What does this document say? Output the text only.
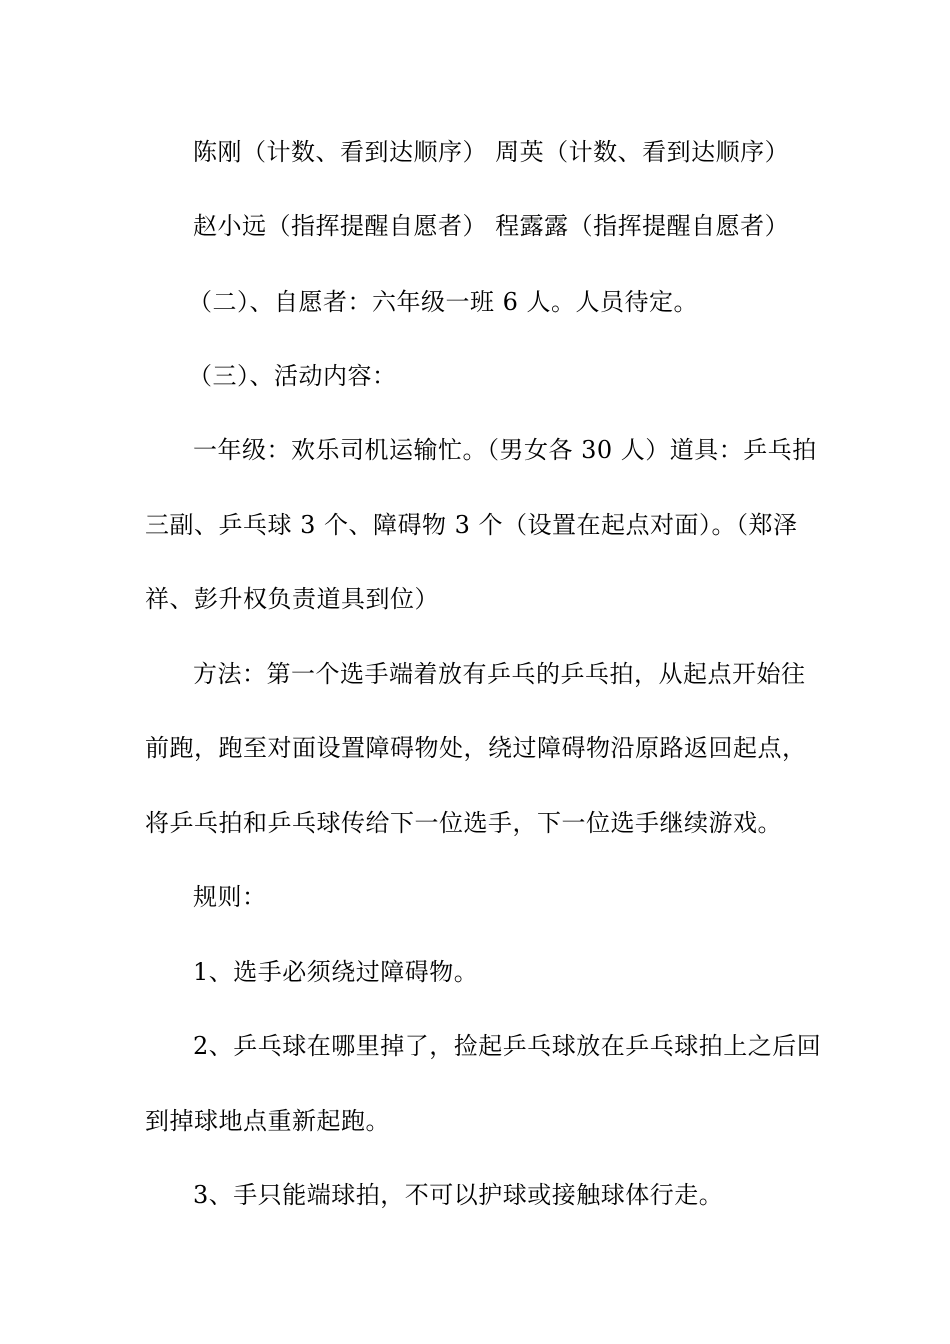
陈刚（计数、看到达顺序） 周英（计数、看到达顺序）
赵小远（指挥提醒自愿者） 程露露（指挥提醒自愿者）
（二）、自愿者：六年级一班 6 人。人员待定。
（三）、活动内容：
一年级：欢乐司机运输忙。（男女各 30 人）道具：乒乓拍
三副、乒乓球 3 个、障碍物 3 个（设置在起点对面）。（郑泽
祥、彭升权负责道具到位）
方法：第一个选手端着放有乒乓的乒乓拍，从起点开始往
前跑，跑至对面设置障碍物处，绕过障碍物沿原路返回起点，
将乒乓拍和乒乓球传给下一位选手，下一位选手继续游戏。
规则：
1、选手必须绕过障碍物。
2、乒乓球在哪里掉了，捡起乒乓球放在乒乓球拍上之后回
到掉球地点重新起跑。
3、手只能端球拍，不可以护球或接触球体行走。
